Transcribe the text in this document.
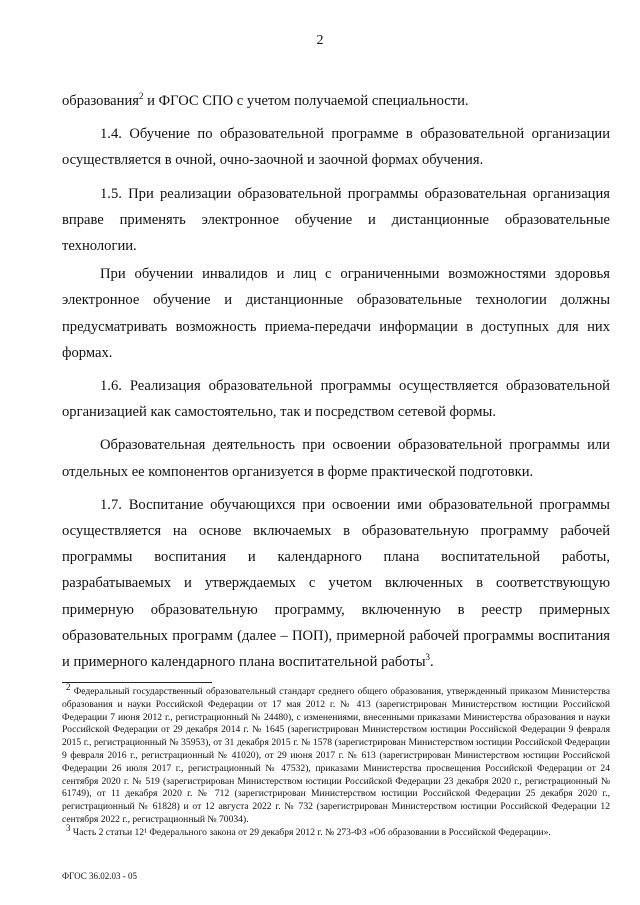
2

образования$^2$ и ФГОС СПО с учетом получаемой специальности.

1.4. Обучение по образовательной программе в образовательной организации осуществляется в очной, очно-заочной и заочной формах обучения.

1.5. При реализации образовательной программы образовательная организация вправе применять электронное обучение и дистанционные образовательные технологии.

При обучении инвалидов и лиц с ограниченными возможностями здоровья электронное обучение и дистанционные образовательные технологии должны предусматривать возможность приема-передачи информации в доступных для них формах.

1.6. Реализация образовательной программы осуществляется образовательной организацией как самостоятельно, так и посредством сетевой формы.

Образовательная деятельность при освоении образовательной программы или отдельных ее компонентов организуется в форме практической подготовки.

1.7. Воспитание обучающихся при освоении ими образовательной программы осуществляется на основе включаемых в образовательную программу рабочей программы воспитания и календарного плана воспитательной работы, разрабатываемых и утверждаемых с учетом включенных в соответствующую примерную образовательную программу, включенную в реестр примерных образовательных программ (далее – ПОП), примерной рабочей программы воспитания и примерного календарного плана воспитательной работы$^3$.

$^2$ Федеральный государственный образовательный стандарт среднего общего образования, утвержденный приказом Министерства образования и науки Российской Федерации от 17 мая 2012 г. № 413 (зарегистрирован Министерством юстиции Российской Федерации 7 июня 2012 г., регистрационный № 24480), с изменениями, внесенными приказами Министерства образования и науки Российской Федерации от 29 декабря 2014 г. № 1645 (зарегистрирован Министерством юстиции Российской Федерации 9 февраля 2015 г., регистрационный № 35953), от 31 декабря 2015 г. № 1578 (зарегистрирован Министерством юстиции Российской Федерации 9 февраля 2016 г., регистрационный № 41020), от 29 июня 2017 г. № 613 (зарегистрирован Министерством юстиции Российской Федерации 26 июля 2017 г., регистрационный № 47532), приказами Министерства просвещения Российской Федерации от 24 сентября 2020 г. № 519 (зарегистрирован Министерством юстиции Российской Федерации 23 декабря 2020 г., регистрационный № 61749), от 11 декабря 2020 г. № 712 (зарегистрирован Министерством юстиции Российской Федерации 25 декабря 2020 г., регистрационный № 61828) и от 12 августа 2022 г. № 732 (зарегистрирован Министерством юстиции Российской Федерации 12 сентября 2022 г., регистрационный № 70034).

$^3$ Часть 2 статьи 12¹ Федерального закона от 29 декабря 2012 г. № 273-ФЗ «Об образовании в Российской Федерации».

ФГОС 36.02.03 - 05
